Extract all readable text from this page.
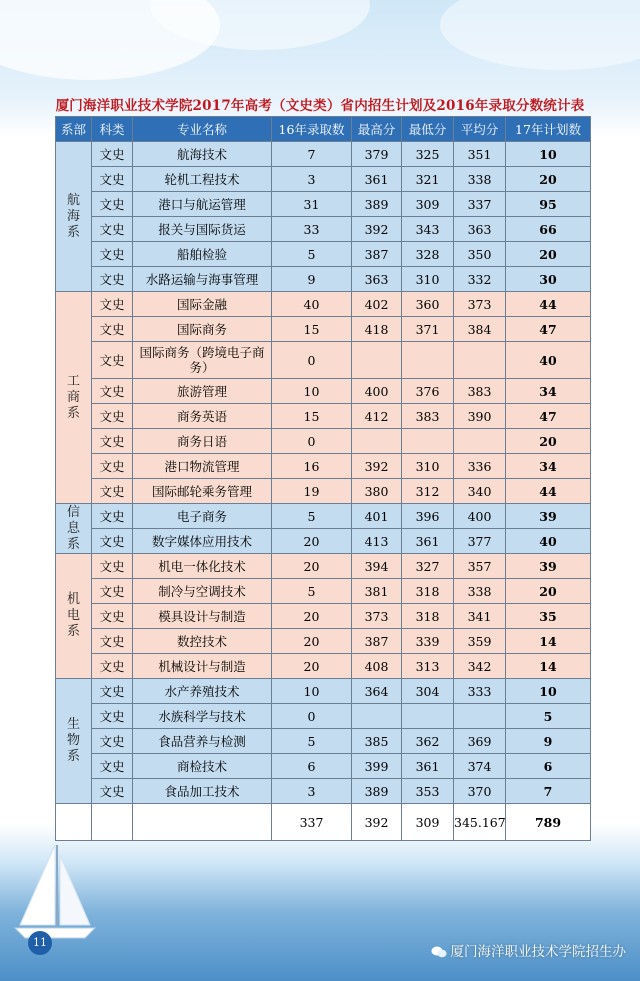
厦门海洋职业技术学院2017年高考（文史类）省内招生计划及2016年录取分数统计表
系部	科类	专业名称	16年录取数	最高分	最低分	平均分	17年计划数

航
海
系	文史	航海技术	7	379	325	351	10
	文史	轮机工程技术	3	361	321	338	20
	文史	港口与航运管理	31	389	309	337	95
	文史	报关与国际货运	33	392	343	363	66
	文史	船舶检验	5	387	328	350	20
	文史	水路运输与海事管理	9	363	310	332	30

工
商
系	文史	国际金融	40	402	360	373	44
	文史	国际商务	15	418	371	384	47
	文史	国际商务（跨境电子商务）	0				40
	文史	旅游管理	10	400	376	383	34
	文史	商务英语	15	412	383	390	47
	文史	商务日语	0				20
	文史	港口物流管理	16	392	310	336	34
	文史	国际邮轮乘务管理	19	380	312	340	44

信
息
系	文史	电子商务	5	401	396	400	39
	文史	数字媒体应用技术	20	413	361	377	40

机
电
系	文史	机电一体化技术	20	394	327	357	39
	文史	制冷与空调技术	5	381	318	338	20
	文史	模具设计与制造	20	373	318	341	35
	文史	数控技术	20	387	339	359	14
	文史	机械设计与制造	20	408	313	342	14

生
物
系	文史	水产养殖技术	10	364	304	333	10
	文史	水族科学与技术	0				5
	文史	食品营养与检测	5	385	362	369	9
	文史	商检技术	6	399	361	374	6
	文史	食品加工技术	3	389	353	370	7
			337	392	309	345.167	789
11
厦门海洋职业技术学院招生办
